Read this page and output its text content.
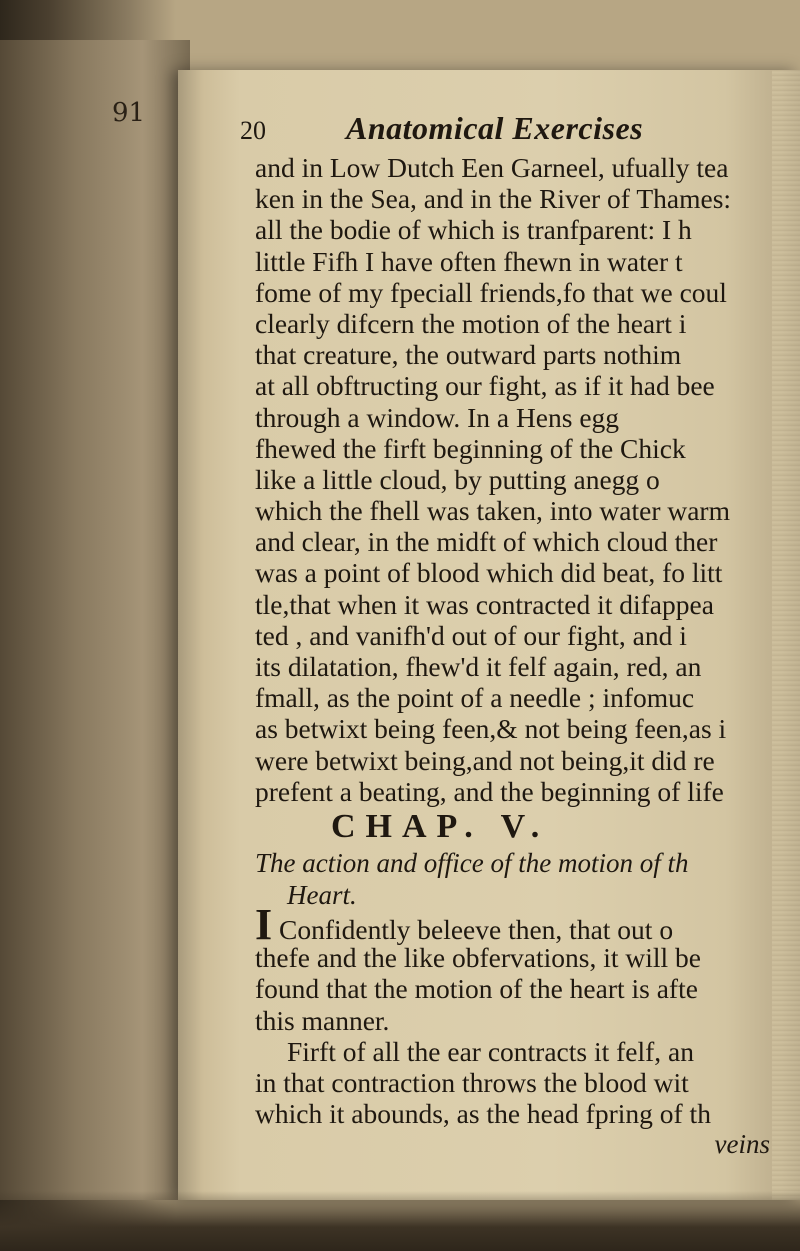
91
20	Anatomical Exercises
and in Low Dutch Een Garneel, ufually tea
ken in the Sea, and in the River of Thames:
all the bodie of which is tranfparent: I h
little Fifh I have often fhewn in water t
fome of my fpeciall friends,fo that we coul
clearly difcern the motion of the heart i
that creature, the outward parts nothim
at all obftructing our fight, as if it had bee
through a window. In a Hens egg
fhewed the firft beginning of the Chick
like a little cloud, by putting anegg o
which the fhell was taken, into water warm
and clear, in the midft of which cloud ther
was a point of blood which did beat, fo litt
tle,that when it was contracted it difappea
ted , and vanifh'd out of our fight, and i
its dilatation, fhew'd it felf again, red, an
fmall, as the point of a needle ; infomuc
as betwixt being feen,& not being feen,as i
were betwixt being,and not being,it did re
prefent a beating, and the beginning of life
CHAP. V.
The action and office of the motion of th
Heart.
I Confidently beleeve then, that out o
thefe and the like obfervations, it will be
found that the motion of the heart is afte
this manner.
Firft of all the ear contracts it felf, an
in that contraction throws the blood wit
which it abounds, as the head fpring of th
veins
